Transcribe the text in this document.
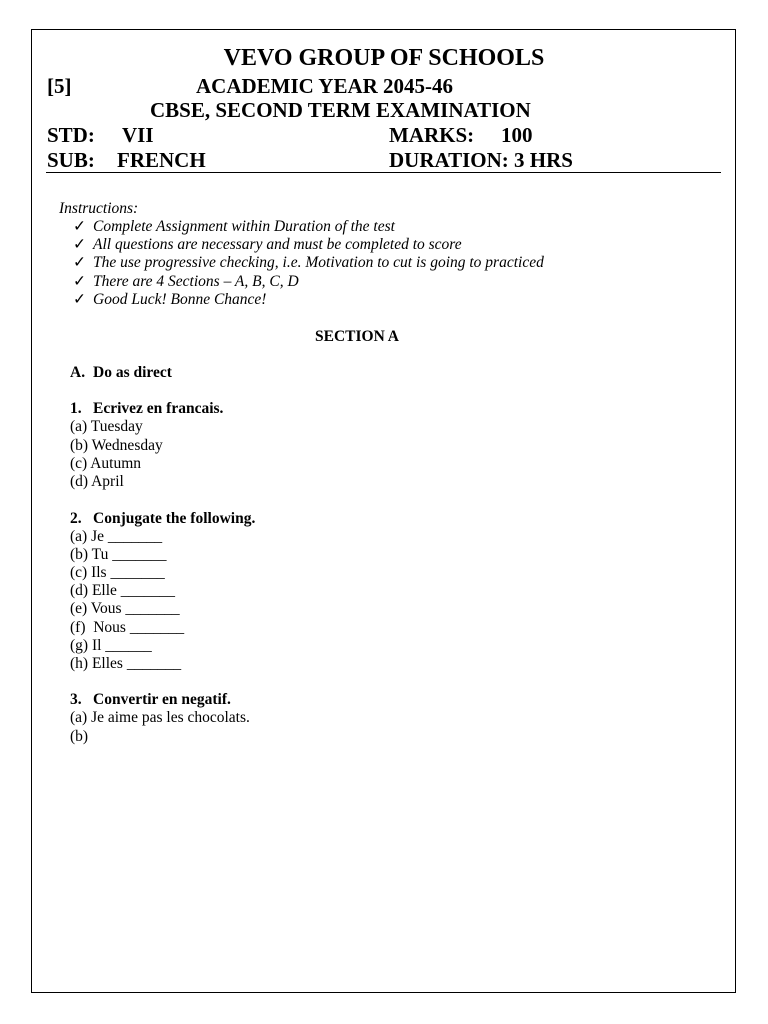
VEVO GROUP OF SCHOOLS
[5]	ACADEMIC YEAR 2045-46
CBSE, SECOND TERM EXAMINATION
STD: VII	MARKS: 100
SUB: FRENCH	DURATION: 3 HRS
Instructions:
✓ Complete Assignment within Duration of the test
✓ All questions are necessary and must be completed to score
✓ The use progressive checking, i.e. Motivation to cut is going to practiced
✓ There are 4 Sections – A, B, C, D
✓ Good Luck! Bonne Chance!
SECTION A
A. Do as direct
1. Ecrivez en francais.
(a) Tuesday
(b) Wednesday
(c) Autumn
(d) April
2. Conjugate the following.
(a) Je _______
(b) Tu _______
(c) Ils _______
(d) Elle _______
(e) Vous _______
(f)  Nous _______
(g) Il ______
(h) Elles _______
3. Convertir en negatif.
(a) Je aime pas les chocolats.
(b)
